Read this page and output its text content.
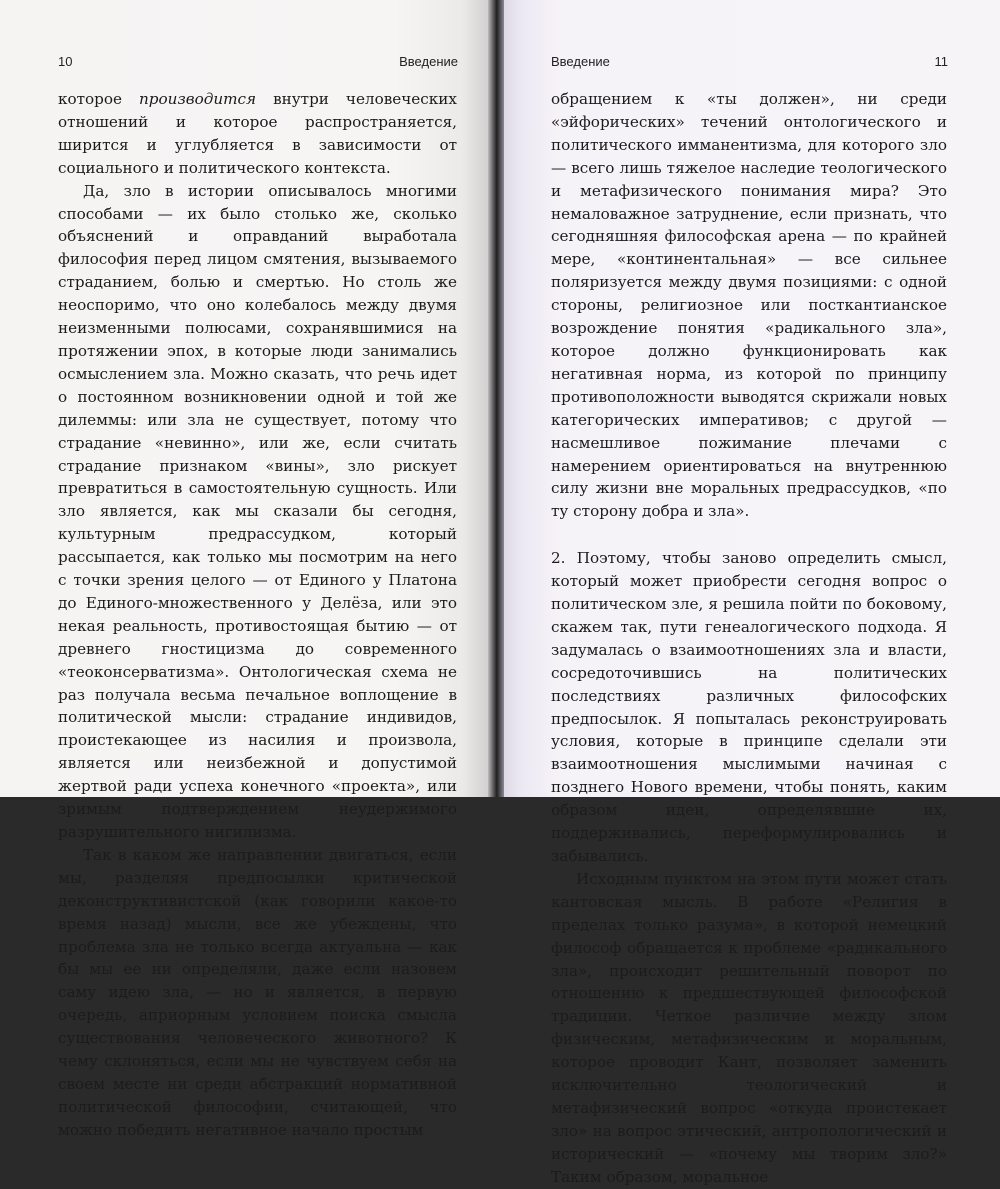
10	Введение

которое производится внутри человеческих отношений и которое распространяется, ширится и углубляется в зависимости от социального и политического контекста.

Да, зло в истории описывалось многими способами — их было столько же, сколько объяснений и оправданий выработала философия перед лицом смятения, вызываемого страданием, болью и смертью. Но столь же неоспоримо, что оно колебалось между двумя неизменными полюсами, сохранявшимися на протяжении эпох, в которые люди занимались осмыслением зла. Можно сказать, что речь идет о постоянном возникновении одной и той же дилеммы: или зла не существует, потому что страдание «невинно», или же, если считать страдание признаком «вины», зло рискует превратиться в самостоятельную сущность. Или зло является, как мы сказали бы сегодня, культурным предрассудком, который рассыпается, как только мы посмотрим на него с точки зрения целого — от Единого у Платона до Единого-множественного у Делёза, или это некая реальность, противостоящая бытию — от древнего гностицизма до современного «теоконсерватизма». Онтологическая схема не раз получала весьма печальное воплощение в политической мысли: страдание индивидов, проистекающее из насилия и произвола, является или неизбежной и допустимой жертвой ради успеха конечного «проекта», или зримым подтверждением неудержимого разрушительного нигилизма.

Так в каком же направлении двигаться, если мы, разделяя предпосылки критической деконструктивистской (как говорили какое-то время назад) мысли, все же убеждены, что проблема зла не только всегда актуальна — как бы мы ее ни определяли, даже если назовем саму идею зла, — но и является, в первую очередь, априорным условием поиска смысла существования человеческого животного? К чему склоняться, если мы не чувствуем себя на своем месте ни среди абстракций нормативной политической философии, считающей, что можно победить негативное начало простым

Введение	11

обращением к «ты должен», ни среди «эйфорических» течений онтологического и политического имманентизма, для которого зло — всего лишь тяжелое наследие теологического и метафизического понимания мира? Это немаловажное затруднение, если признать, что сегодняшняя философская арена — по крайней мере, «континентальная» — все сильнее поляризуется между двумя позициями: с одной стороны, религиозное или посткантианское возрождение понятия «радикального зла», которое должно функционировать как негативная норма, из которой по принципу противоположности выводятся скрижали новых категорических императивов; с другой — насмешливое пожимание плечами с намерением ориентироваться на внутреннюю силу жизни вне моральных предрассудков, «по ту сторону добра и зла».

2. Поэтому, чтобы заново определить смысл, который может приобрести сегодня вопрос о политическом зле, я решила пойти по боковому, скажем так, пути генеалогического подхода. Я задумалась о взаимоотношениях зла и власти, сосредоточившись на политических последствиях различных философских предпосылок. Я попыталась реконструировать условия, которые в принципе сделали эти взаимоотношения мыслимыми начиная с позднего Нового времени, чтобы понять, каким образом идеи, определявшие их, поддерживались, переформулировались и забывались.

Исходным пунктом на этом пути может стать кантовская мысль. В работе «Религия в пределах только разума», в которой немецкий философ обращается к проблеме «радикального зла», происходит решительный поворот по отношению к предшествующей философской традиции. Четкое различие между злом физическим, метафизическим и моральным, которое проводит Кант, позволяет заменить исключительно теологический и метафизический вопрос «откуда проистекает зло» на вопрос этический, антропологический и исторический — «почему мы творим зло?» Таким образом, моральное
